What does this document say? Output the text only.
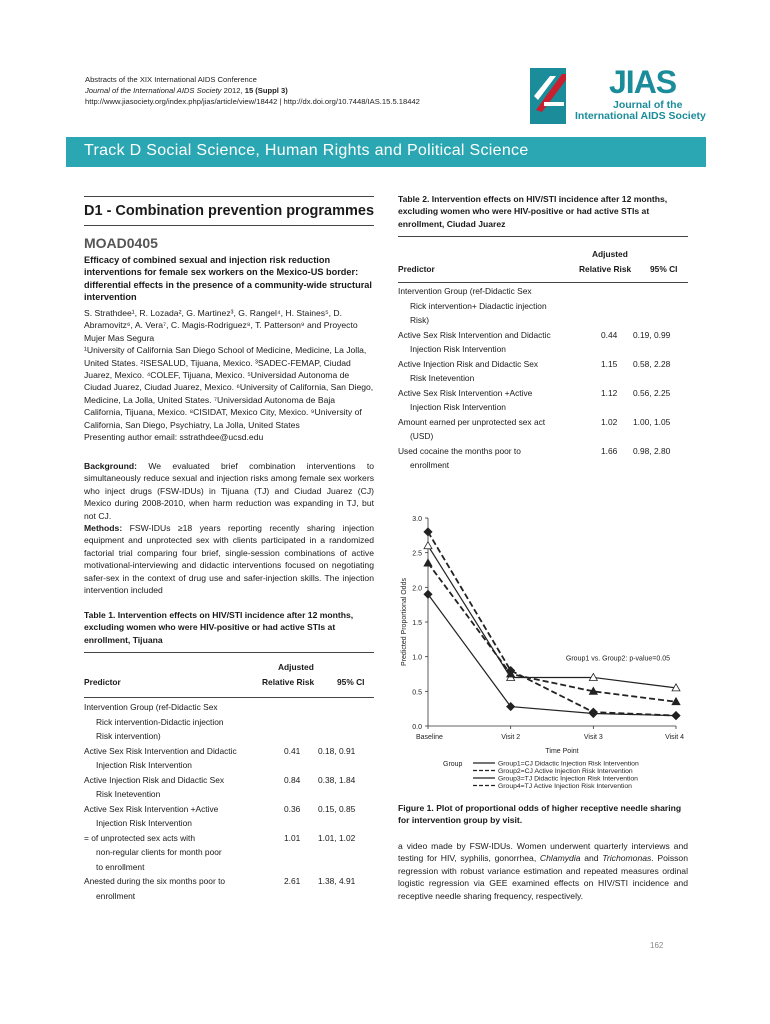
Abstracts of the XIX International AIDS Conference
Journal of the International AIDS Society 2012, 15 (Suppl 3)
http://www.jiasociety.org/index.php/jias/article/view/18442 | http://dx.doi.org/10.7448/IAS.15.5.18442
JIAS
Journal of the
International AIDS Society
Track D Social Science, Human Rights and Political Science
D1 - Combination prevention programmes
MOAD0405
Efficacy of combined sexual and injection risk reduction interventions for female sex workers on the Mexico-US border: differential effects in the presence of a community-wide structural intervention
S. Strathdee¹, R. Lozada², G. Martinez³, G. Rangel⁴, H. Staines⁵, D. Abramovitz⁶, A. Vera⁷, C. Magis-Rodriguez⁸, T. Patterson⁹ and Proyecto Mujer Mas Segura
¹University of California San Diego School of Medicine, Medicine, La Jolla, United States. ²ISESALUD, Tijuana, Mexico. ³SADEC-FEMAP, Ciudad Juarez, Mexico. ⁴COLEF, Tijuana, Mexico. ⁵Universidad Autonoma de Ciudad Juarez, Ciudad Juarez, Mexico. ⁶University of California, San Diego, Medicine, La Jolla, United States. ⁷Universidad Autonoma de Baja California, Tijuana, Mexico. ⁸CISIDAT, Mexico City, Mexico. ⁹University of California, San Diego, Psychiatry, La Jolla, United States
Presenting author email: sstrathdee@ucsd.edu
Background: We evaluated brief combination interventions to simultaneously reduce sexual and injection risks among female sex workers who inject drugs (FSW-IDUs) in Tijuana (TJ) and Ciudad Juarez (CJ) Mexico during 2008-2010, when harm reduction was expanding in TJ, but not CJ.
Methods: FSW-IDUs ≥18 years reporting recently sharing injection equipment and unprotected sex with clients participated in a randomized factorial trial comparing four brief, single-session combinations of active motivational-interviewing and didactic interventions focused on negotiating safer-sex in the context of drug use and safer-injection skills. The injection intervention included
Table 1. Intervention effects on HIV/STI incidence after 12 months, excluding women who were HIV-positive or had active STIs at enrollment, Tijuana
Adjusted
Relative Risk
Predictor	95% CI
Intervention Group (ref-Didactic Sex
Rick intervention-Didactic injection
Risk intervention)		

Active Sex Risk Intervention and Didactic
Injection Risk Intervention	0.41	0.18, 0.91

Active Injection Risk and Didactic Sex
Risk Inetevention	0.84	0.38, 1.84

Active Sex Risk Intervention +Active
Injection Risk Intervention	0.36	0.15, 0.85

= of unprotected sex acts with
non-regular clients for month poor
to enrollment	1.01	1.01, 1.02

Anested during the six months poor to
enrollment	2.61	1.38, 4.91
Table 2. Intervention effects on HIV/STI incidence after 12 months, excluding women who were HIV-positive or had active STIs at enrollment, Ciudad Juarez
Adjusted
Relative Risk
Predictor	95% CI
Intervention Group (ref-Didactic Sex
Rick intervention+ Diadactic injection
Risk)		

Active Sex Risk Intervention and Didactic
Injection Risk Intervention	0.44	0.19, 0.99

Active Injection Risk and Didactic Sex
Risk Inetevention	1.15	0.58, 2.28

Active Sex Risk Intervention +Active
Injection Risk Intervention	1.12	0.56, 2.25

Amount earned per unprotected sex act
(USD)	1.02	1.00, 1.05

Used cocaine the months poor to
enrollment	1.66	0.98, 2.80
0.0
0.5
1.0
1.5
2.0
2.5
3.0
Baseline	Visit 2	Visit 3	Visit 4
Time Point
Predicted Proportional Odds	Group1 vs. Group2: p-value=0.05
Group	Group1=CJ Didactic Injection Risk Intervention
Group2=CJ Active Injection Risk Intervention
Group3=TJ Didactic Injection Risk Intervention
Group4=TJ Active Injection Risk Intervention
Figure 1. Plot of proportional odds of higher receptive needle sharing for intervention group by visit.
a video made by FSW-IDUs. Women underwent quarterly interviews and testing for HIV, syphilis, gonorrhea, Chlamydia and Trichomonas. Poisson regression with robust variance estimation and repeated measures ordinal logistic regression via GEE examined effects on HIV/STI incidence and receptive needle sharing frequency, respectively.
162
